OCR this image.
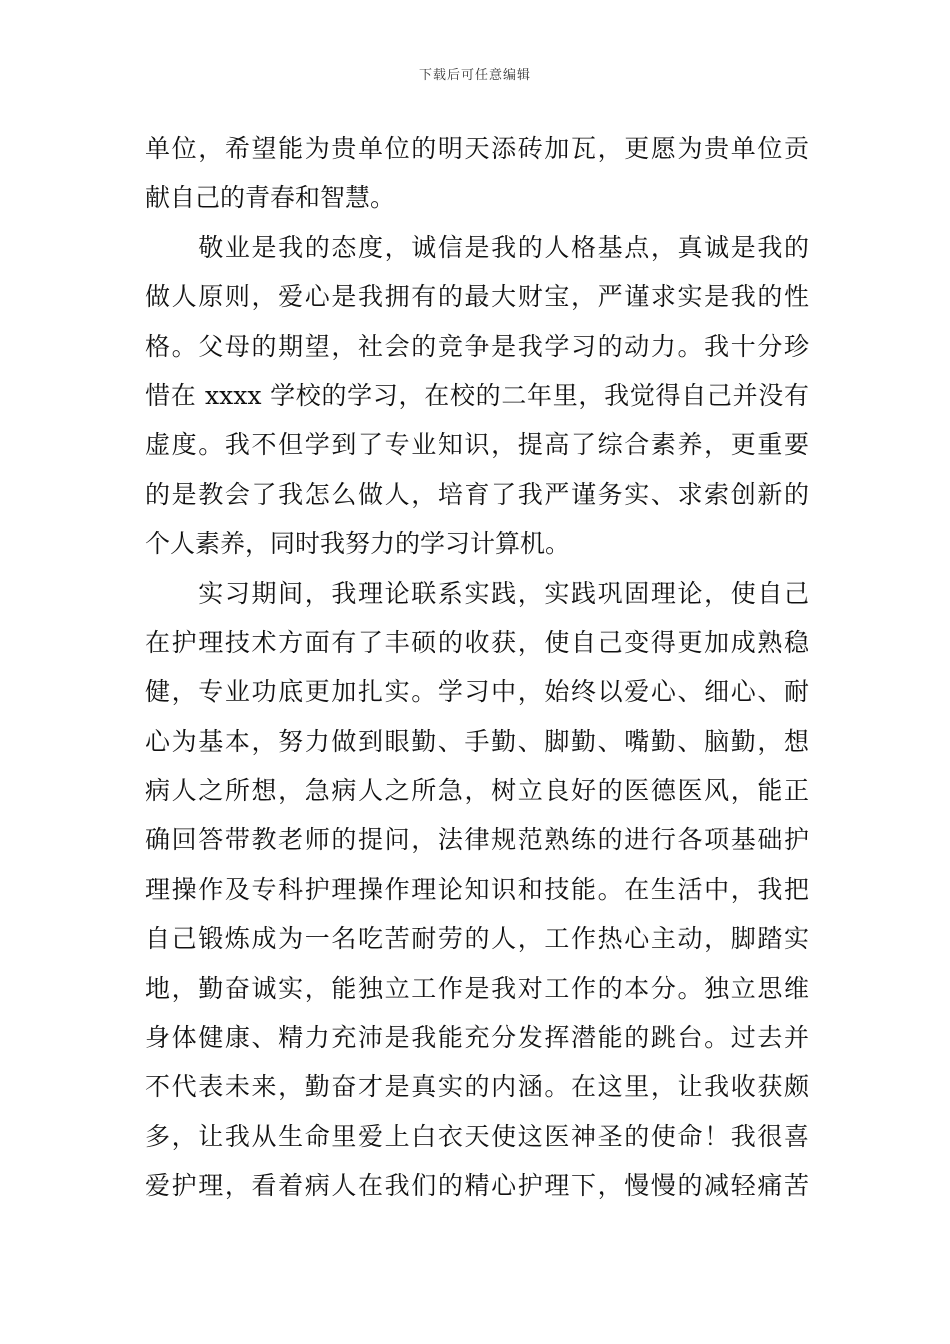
下载后可任意编辑
单位，希望能为贵单位的明天添砖加瓦，更愿为贵单位贡
献自己的青春和智慧。
　　敬业是我的态度，诚信是我的人格基点，真诚是我的
做人原则，爱心是我拥有的最大财宝，严谨求实是我的性
格。父母的期望，社会的竞争是我学习的动力。我十分珍
惜在 xxxx 学校的学习，在校的二年里，我觉得自己并没有
虚度。我不但学到了专业知识，提高了综合素养，更重要
的是教会了我怎么做人，培育了我严谨务实、求索创新的
个人素养，同时我努力的学习计算机。
　　实习期间，我理论联系实践，实践巩固理论，使自己
在护理技术方面有了丰硕的收获，使自己变得更加成熟稳
健，专业功底更加扎实。学习中，始终以爱心、细心、耐
心为基本，努力做到眼勤、手勤、脚勤、嘴勤、脑勤，想
病人之所想，急病人之所急，树立良好的医德医风，能正
确回答带教老师的提问，法律规范熟练的进行各项基础护
理操作及专科护理操作理论知识和技能。在生活中，我把
自己锻炼成为一名吃苦耐劳的人，工作热心主动，脚踏实
地，勤奋诚实，能独立工作是我对工作的本分。独立思维
身体健康、精力充沛是我能充分发挥潜能的跳台。过去并
不代表未来，勤奋才是真实的内涵。在这里，让我收获颇
多，让我从生命里爱上白衣天使这医神圣的使命！我很喜
爱护理，看着病人在我们的精心护理下，慢慢的减轻痛苦
